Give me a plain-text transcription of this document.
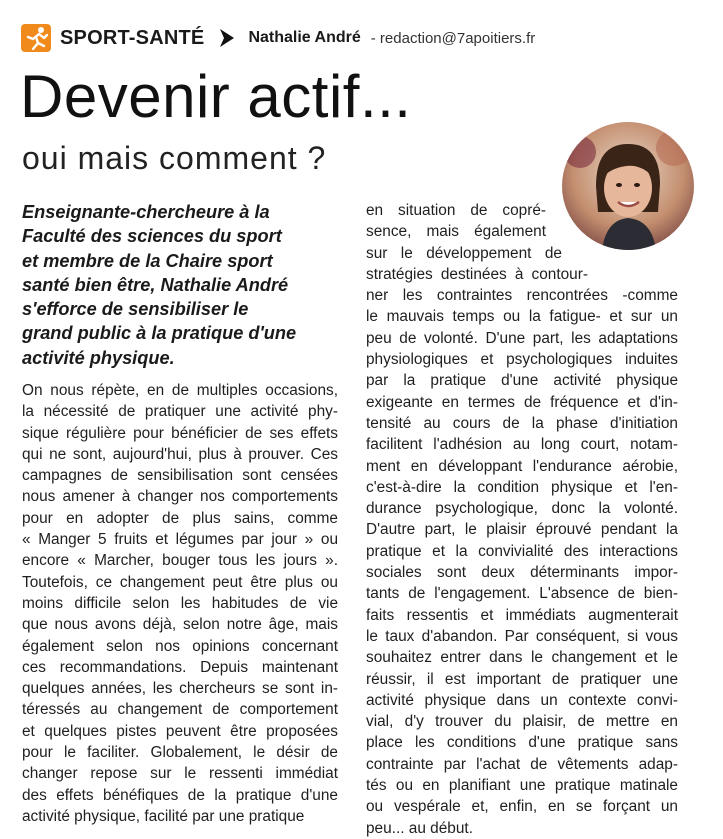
SPORT-SANTÉ	Nathalie André - redaction@7apoitiers.fr
Devenir actif...
oui mais comment ?
Enseignante-chercheure à la
Faculté des sciences du sport
et membre de la Chaire sport
santé bien être, Nathalie André
s'efforce de sensibiliser le
grand public à la pratique d'une
activité physique.
On nous répète, en de multiples occasions,
la nécessité de pratiquer une activité phy-
sique régulière pour bénéficier de ses effets
qui ne sont, aujourd'hui, plus à prouver. Ces
campagnes de sensibilisation sont censées
nous amener à changer nos comportements
pour en adopter de plus sains, comme
« Manger 5 fruits et légumes par jour » ou
encore « Marcher, bouger tous les jours ».
Toutefois, ce changement peut être plus ou
moins difficile selon les habitudes de vie
que nous avons déjà, selon notre âge, mais
également selon nos opinions concernant
ces recommandations. Depuis maintenant
quelques années, les chercheurs se sont in-
téressés au changement de comportement
et quelques pistes peuvent être proposées
pour le faciliter. Globalement, le désir de
changer repose sur le ressenti immédiat
des effets bénéfiques de la pratique d'une
activité physique, facilité par une pratique
en situation de copré-
sence, mais également
sur le développement de
stratégies destinées à contour-
ner les contraintes rencontrées -comme
le mauvais temps ou la fatigue- et sur un
peu de volonté. D'une part, les adaptations
physiologiques et psychologiques induites
par la pratique d'une activité physique
exigeante en termes de fréquence et d'in-
tensité au cours de la phase d'initiation
facilitent l'adhésion au long court, notam-
ment en développant l'endurance aérobie,
c'est-à-dire la condition physique et l'en-
durance psychologique, donc la volonté.
D'autre part, le plaisir éprouvé pendant la
pratique et la convivialité des interactions
sociales sont deux déterminants impor-
tants de l'engagement. L'absence de bien-
faits ressentis et immédiats augmenterait
le taux d'abandon. Par conséquent, si vous
souhaitez entrer dans le changement et le
réussir, il est important de pratiquer une
activité physique dans un contexte convi-
vial, d'y trouver du plaisir, de mettre en
place les conditions d'une pratique sans
contrainte par l'achat de vêtements adap-
tés ou en planifiant une pratique matinale
ou vespérale et, enfin, en se forçant un
peu... au début.
